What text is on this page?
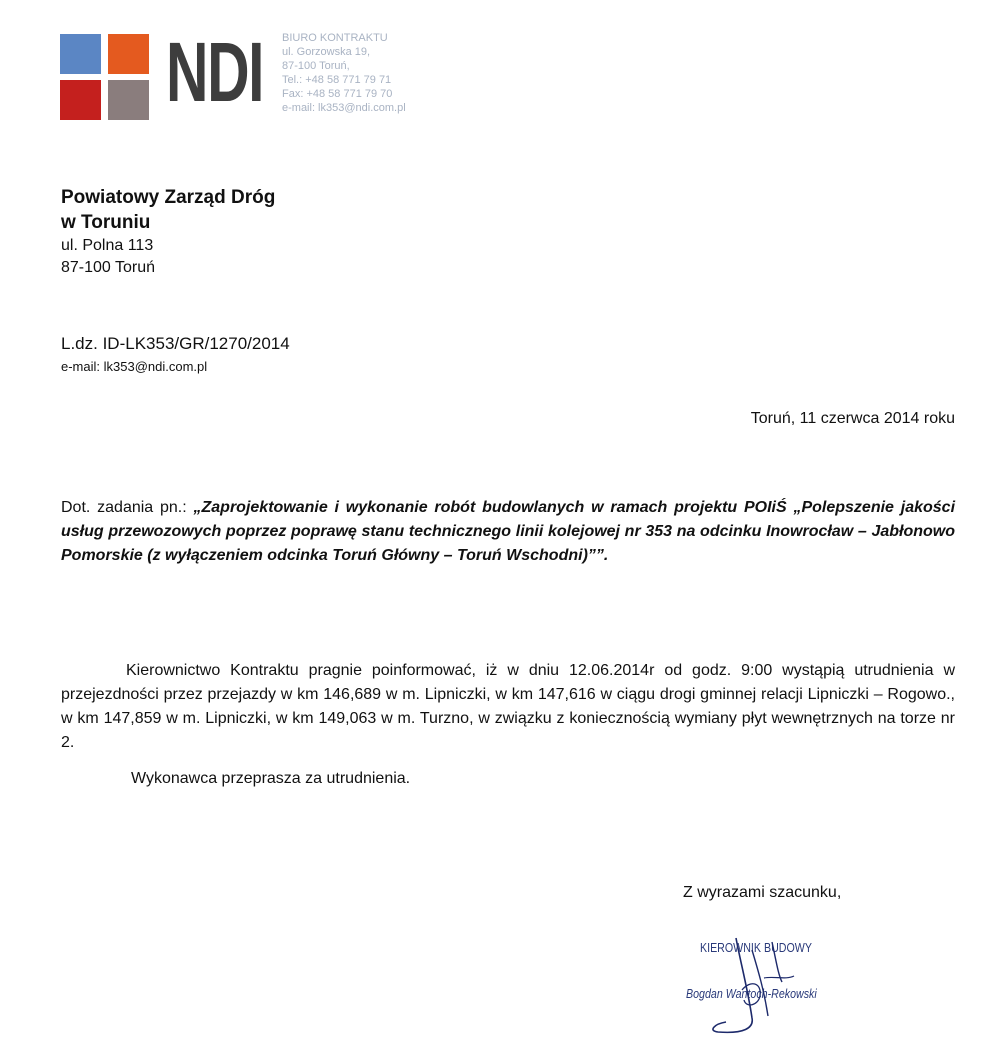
NDI BIURO KONTRAKTU
ul. Gorzowska 19,
87-100 Toruń,
Tel.: +48 58 771 79 71
Fax: +48 58 771 79 70
e-mail: lk353@ndi.com.pl
Powiatowy Zarząd Dróg
w Toruniu
ul. Polna 113
87-100 Toruń
L.dz. ID-LK353/GR/1270/2014
e-mail: lk353@ndi.com.pl
Toruń, 11 czerwca 2014 roku
Dot. zadania pn.: „Zaprojektowanie i wykonanie robót budowlanych w ramach projektu POIiŚ „Polepszenie jakości usług przewozowych poprzez poprawę stanu technicznego linii kolejowej nr 353 na odcinku Inowrocław – Jabłonowo Pomorskie (z wyłączeniem odcinka Toruń Główny – Toruń Wschodni)””.
Kierownictwo Kontraktu pragnie poinformować, iż w dniu 12.06.2014r od godz. 9:00 wystąpią utrudnienia w przejezdności przez przejazdy w km 146,689 w m. Lipniczki, w km 147,616 w ciągu drogi gminnej relacji Lipniczki – Rogowo., w km 147,859 w m. Lipniczki, w km 149,063 w m. Turzno, w związku z koniecznością wymiany płyt wewnętrznych na torze nr 2.
Wykonawca przeprasza za utrudnienia.
Z wyrazami szacunku,
KIEROWNIK BUDOWY
Bogdan Wantoch-Rekowski
